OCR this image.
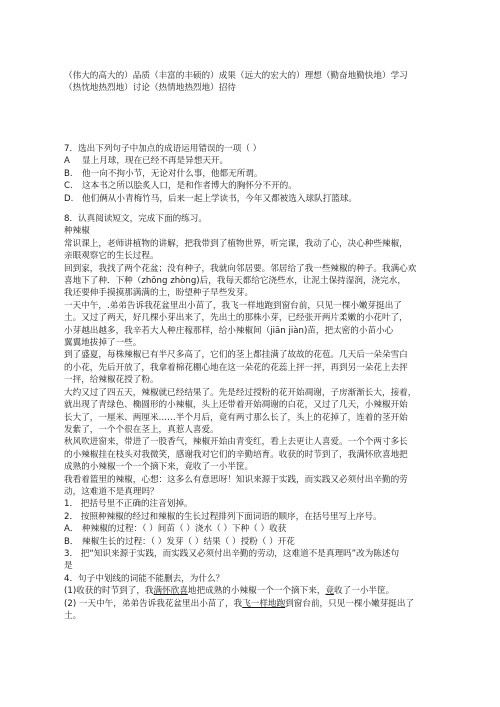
（伟大的高大的）品质（丰富的丰硕的）成果（远大的宏大的）理想（勤奋地勤快地）学习
（热忱地热烈地）讨论（热情地热烈地）招待
7．选出下列句子中加点的成语运用错误的一项（ ）
A	显上月球，现在已经不再是异想天开。
B.	他一向不拘小节，无论对什么事，他都无所谓。
C.	这本书之所以脍炙人口，是和作者博大的胸怀分不开的。
D.	他们俩从小青梅竹马，后来一起上学读书，今年又都被选入球队打篮球。
8．认真阅读短文，完成下面的练习。
种辣椒
常识课上，老师讲植物的讲解，把我带到了植物世界，听完课，我动了心，决心种些辣椒，
亲眼观察它的生长过程。
回到家，我找了两个花盆；没有种子，我就向邻居要。邻居给了我一些辣椒的种子。我满心欢
喜地下了种．下种（zhōng zhòng)后，我每天都给它浇些水，让泥土保持湿润，浇完水，
我还要伸手摸摸那满满的土，盼望种子早些发芽。
一天中午，.弟弟告诉我花盆里出小苗了，我飞一样地跑到窗台前，只见一棵小嫩芽挺出了
土。又过了两天，好几棵小芽出来了，先出土的那株小芽，已经张开两片柔嫩的小花叶了，
小芽越出越多，我辛若大人种庄稼那样，给小辣椒间（jiān jiàn)苗，把太密的小苗小心
翼翼地拔掉了一些。
到了盛夏，每株辣椒已有半尺多高了，它们的茎上都挂满了故故的花苞。几天后一朵朵雪白
的小花，先后开放了，我拿着棉花棚心地在这一朵花的花蕊上抨一抨，再到另一朵花上去抨
一抨，给辣椒花授了粉。
大约又过了四五天，辣椒就已经结果了。先是经过授粉的花开始凋谢，子房渐渐长大，接着，
就出现了青绿色、椭圆形的小辣椒，头上还带着开始凋谢的白花，又过了几天，小辣椒开始
长大了，一厘米、两厘米……半个月后，竟有两寸那么长了，头上的花掉了，连着的茎开始
发紫了，一个个很在茎上，真惹人喜爱。
秋风吹进窗来，带进了一股香气，辣椒开始由青变红，看上去更让人喜爱。一个个两寸多长
的小辣椒挂在枝头对我微笑，感谢我对它们的辛勤培育。收获的时节到了，我满怀欣喜地把
成熟的小辣椒一个一个摘下来，竟收了一小半筐。
我看着篮里的辣椒，心想：这多么有意思呀！知识来源于实践，而实践又必须付出辛勤的劳
动，这难道不是真理吗？
1． 把括号里不正确的注音划掉。
2． 按照种辣椒的经过和辣椒的生长过程排列下面词语的顺序，在括号里写上序号。
A． 种辣椒的过程：（ ）间苗（ ）浇水（ ）下种（ ）收获
B． 辣椒生长的过程：（ ）发芽（ ）结果（ ）授粉（ ）开花
3． 把“知识来源于实践，而实践又必须付出辛勤的劳动，这难道不是真理吗”改为陈述句
是
4．句子中划线的词能不能删去，为什么？
(1)收获的时节到了，我满怀欣喜地把成熟的小辣椒一个一个摘下来，竟收了一小半筐。
(2) 一天中午，弟弟告诉我花盆里出小苗了，我飞一样地跑到窗台前，只见一棵小嫩芽挺出了
土。
